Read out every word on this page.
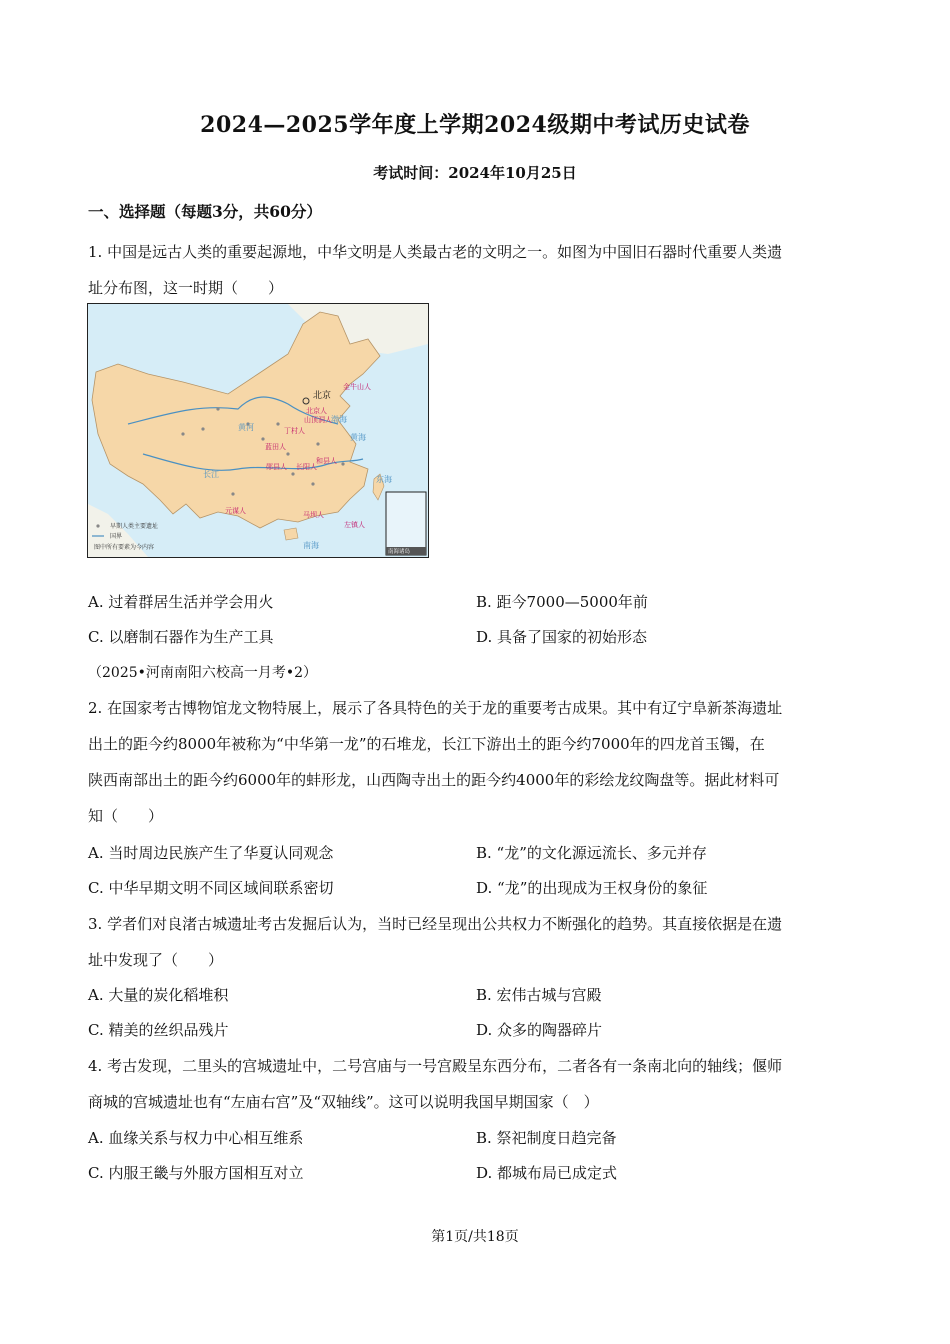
2024—2025学年度上学期2024级期中考试历史试卷
考试时间：2024年10月25日
一、选择题（每题3分，共60分）
1. 中国是远古人类的重要起源地，中华文明是人类最古老的文明之一。如图为中国旧石器时代重要人类遗
址分布图，这一时期（　　）
北京
金牛山人
北京人
山顶洞人
丁村人
蓝田人
和县人
郧县人 长阳人
元谋人	马坝人
左镇人
渤海
黄海
东海
南海
黄河
长江
早期人类主要遗址
国界
图中所有要素为今内容
南海诸岛
A. 过着群居生活并学会用火	B. 距今7000—5000年前
C. 以磨制石器作为生产工具	D. 具备了国家的初始形态
（2025•河南南阳六校高一月考•2）
2. 在国家考古博物馆龙文物特展上，展示了各具特色的关于龙的重要考古成果。其中有辽宁阜新茶海遗址
出土的距今约8000年被称为“中华第一龙”的石堆龙，长江下游出土的距今约7000年的四龙首玉镯，在
陕西南部出土的距今约6000年的蚌形龙，山西陶寺出土的距今约4000年的彩绘龙纹陶盘等。据此材料可
知（　　）
A. 当时周边民族产生了华夏认同观念	B. “龙”的文化源远流长、多元并存
C. 中华早期文明不同区域间联系密切	D. “龙”的出现成为王权身份的象征
3. 学者们对良渚古城遗址考古发掘后认为，当时已经呈现出公共权力不断强化的趋势。其直接依据是在遗
址中发现了（　　）
A. 大量的炭化稻堆积	B. 宏伟古城与宫殿
C. 精美的丝织品残片	D. 众多的陶器碎片
4. 考古发现，二里头的宫城遗址中，二号宫庙与一号宫殿呈东西分布，二者各有一条南北向的轴线；偃师
商城的宫城遗址也有“左庙右宫”及“双轴线”。这可以说明我国早期国家（　）
A. 血缘关系与权力中心相互维系	B. 祭祀制度日趋完备
C. 内服王畿与外服方国相互对立	D. 都城布局已成定式
第1页/共18页
